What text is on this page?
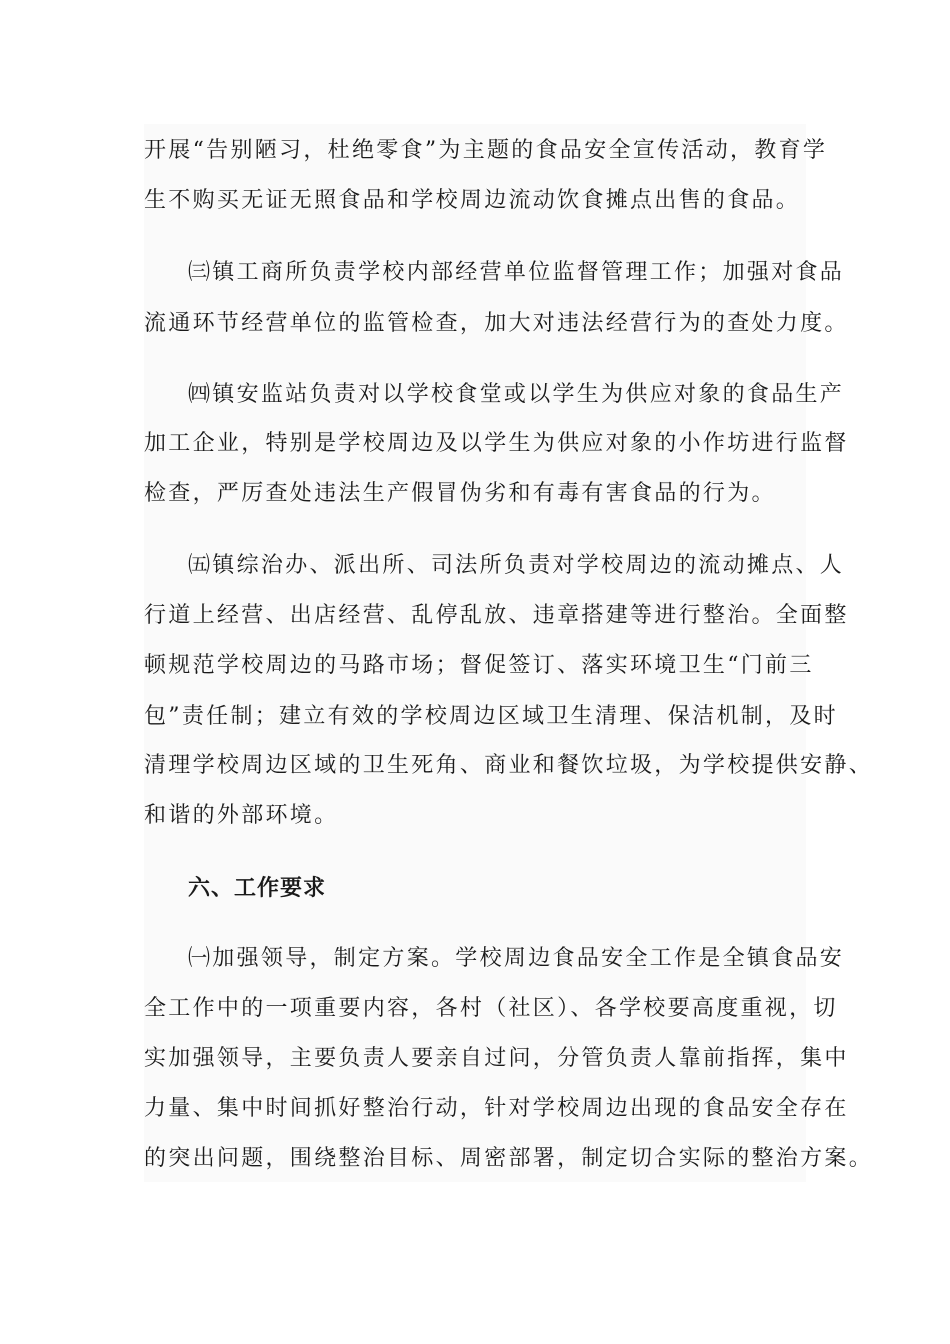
开展“告别陋习，杜绝零食”为主题的食品安全宣传活动，教育学
生不购买无证无照食品和学校周边流动饮食摊点出售的食品。
㈢镇工商所负责学校内部经营单位监督管理工作；加强对食品
流通环节经营单位的监管检查，加大对违法经营行为的查处力度。
㈣镇安监站负责对以学校食堂或以学生为供应对象的食品生产
加工企业，特别是学校周边及以学生为供应对象的小作坊进行监督
检查，严厉查处违法生产假冒伪劣和有毒有害食品的行为。
㈤镇综治办、派出所、司法所负责对学校周边的流动摊点、人
行道上经营、出店经营、乱停乱放、违章搭建等进行整治。全面整
顿规范学校周边的马路市场；督促签订、落实环境卫生“门前三
包”责任制；建立有效的学校周边区域卫生清理、保洁机制，及时
清理学校周边区域的卫生死角、商业和餐饮垃圾，为学校提供安静、
和谐的外部环境。
六、工作要求
㈠加强领导，制定方案。学校周边食品安全工作是全镇食品安
全工作中的一项重要内容，各村（社区）、各学校要高度重视，切
实加强领导，主要负责人要亲自过问，分管负责人靠前指挥，集中
力量、集中时间抓好整治行动，针对学校周边出现的食品安全存在
的突出问题，围绕整治目标、周密部署，制定切合实际的整治方案。
